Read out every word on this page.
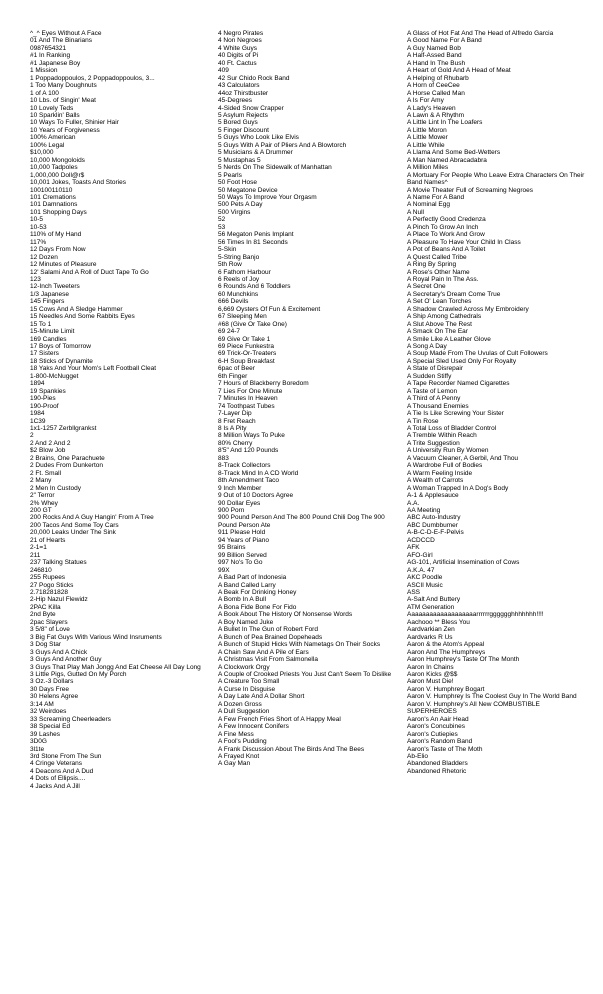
^_^ Eyes Without A Face
01 And The Binarians
0987654321
#1 In Ranking
#1 Japanese Boy
1 Mission
1 Poppadoppoulos, 2 Poppadoppoulos, 3...
1 Too Many Doughnuts
1 of A 100
10 Lbs. of Singin' Meat
10 Lovely Teds
10 Sparklin' Balls
10 Ways To Fuller, Shinier Hair
10 Years of Forgiveness
100% American
100% Legal
$10,000
10,000 Mongoloids
10,000 Tadpoles
1,000,000 Doll@r$
10,001 Jokes, Toasts And Stories
100100110110
101 Cremations
101 Damnations
101 Shopping Days
10-5
10-53
110% of My Hand
117%
12 Days From Now
12 Dozen
12 Minutes of Pleasure
12' Salami And A Roll of Duct Tape To Go
123
12-Inch Tweeters
1/3 Japanese
145 Fingers
15 Cows And A Sledge Hammer
15 Needles And Some Rabbits Eyes
15 To 1
15-Minute Limit
169 Candles
17 Boys of Tomorrow
17 Sisters
18 Sticks of Dynamite
18 Yaks And Your Mom's Left Football Cleat
1-800-McNugget
1894
19 Spankies
190-Pies
190-Proof
1984
1C39
1x1-1257 Zerbllgrankst
2
2 And 2 And 2
$2 Blow Job
2 Brains, One Parachuete
2 Dudes From Dunkerton
2 Ft. Small
2 Many
2 Men In Custody
2" Terror
2% Whey
200 GT
200 Rocks And A Guy Hangin' From A Tree
200 Tacos And Some Toy Cars
20,000 Leaks Under The Sink
21 of Hearts
2-1=1
211
237 Talking Statues
246810
255 Rupees
27 Pogo Sticks
2.718281828
2-Hip Nazul Flewidz
2PAC Killa
2nd Byte
2pac Slayers
3 5/8" of Love
3 Big Fat Guys With Various Wind Insruments
3 Dog Star
3 Guys And A Chick
3 Guys And Another Guy
3 Guys That Play Mah Jongg And Eat Cheese All Day Long
3 Little Pigs, Gutted On My Porch
3 Oz.-3 Dollars
30 Days Free
30 Helens Agree
3:14 AM
32 Weirdoes
33 Screaming Cheerleaders
38 Special Ed
39 Lashes
3D0G
3l1te
3rd Stone From The Sun
4 Cringe Veterans
4 Deacons And A Dud
4 Dots of Ellipsis....
4 Jacks And A Jill
4 Negro Pirates
4 Non Negroes
4 White Guys
40 Digits of Pi
40 Ft. Cactus
409
42 Sur Chido Rock Band
43 Calculators
44oz Thirstbuster
45-Degrees
4-Sided Snow Crapper
5 Asylum Rejects
5 Bored Guys
5 Finger Discount
5 Guys Who Look Like Elvis
5 Guys With A Pair of Pliers And A Blowtorch
5 Musicians & A Drummer
5 Mustaphas 5
5 Nerds On The Sidewalk of Manhattan
5 Pearls
50 Foot Hose
50 Megatone Device
50 Ways To Improve Your Orgasm
500 Pets A Day
500 Virgins
52
53
56 Megaton Penis Implant
56 Times In 81 Seconds
5-Skin
5-String Banjo
5th Row
6 Fathom Harbour
6 Reels of Joy
6 Rounds And 6 Toddlers
60 Munchkins
666 Devils
6,669 Oysters Of Fun & Excitement
67 Sleeping Men
#68 (Give Or Take One)
69 24-7
69 Give Or Take 1
69 Piece Funkestra
69 Trick-Or-Treaters
6-H Soup Breakfast
6pac of Beer
6th Finger
7 Hours of Blackberry Boredom
7 Lies For One Minute
7 Minutes In Heaven
74 Toothpast Tubes
7-Layer Dip
8 Fret Reach
8 Is A Pity
8 Million Ways To Puke
80% Cherry
8'5" And 120 Pounds
883
8-Track Collectors
8-Track Mind In A CD World
8th Amendment Taco
9 Inch Member
9 Out of 10 Doctors Agree
90 Dollar Eyes
900 Porn
900 Pound Person And The 800 Pound Chili Dog The 900 Pound Person Ate
911 Please Hold
94 Years of Piano
95 Brains
99 Billion Served
997 No's To Go
99X
A Bad Part of Indonesia
A Band Called Larry
A Beak For Drinking Honey
A Bomb In A Bull
A Bona Fide Bone For Fido
A Book About The History Of Nonsense Words
A Boy Named Juke
A Bullet In The Gun of Robert Ford
A Bunch of Pea Brained Dopeheads
A Bunch of Stupid Hicks With Nametags On Their Socks
A Chain Saw And A Pile of Ears
A Christmas Visit From Salmonella
A Clockwork Orgy
A Couple of Crooked Priests You Just Can't Seem To Dislike
A Creature Too Small
A Curse In Disguise
A Day Late And A Dollar Short
A Dozen Gross
A Dull Suggestion
A Few French Fries Short of A Happy Meal
A Few Innocent Conifers
A Fine Mess
A Fool's Pudding
A Frank Discussion About The Birds And The Bees
A Frayed Knot
A Gay Man
A Glass of Hot Fat And The Head of Alfredo Garcia
A Good Name For A Band
A Guy Named Bob
A Half-Assed Band
A Hand In The Bush
A Heart of Gold And A Head of Meat
A Helping of Rhubarb
A Horn of CeeCee
A Horse Called Man
A Is For Amy
A Lady's Heaven
A Lawn & A Rhythm
A Little Lint In The Loafers
A Little Moron
A Little Mower
A Little While
A Llama And Some Bed-Wetters
A Man Named Abracadabra
A Million Miles
A Mortuary For People Who Leave Extra Characters On Their Band Names^
A Movie Theater Full of Screaming Negroes
A Name For A Band
A Nominal Egg
A Null
A Perfectly Good Credenza
A Pinch To Grow An Inch
A Place To Work And Grow
A Pleasure To Have Your Child In Class
A Pot of Beans And A Toilet
A Quest Called Tribe
A Ring By Spring
A Rose's Other Name
A Royal Pain In The Ass.
A Secret One
A Secretary's Dream Come True
A Set O' Lean Torches
A Shadow Crawled Across My Embroidery
A Ship Among Cathedrals
A Slut Above The Rest
A Smack On The Ear
A Smile Like A Leather Glove
A Song A Day
A Soup Made From The Uvulas of Cult Followers
A Special Sled Used Only For Royalty
A State of Disrepair
A Sudden Stiffy
A Tape Recorder Named Cigarettes
A Taste of Lemon
A Third of A Penny
A Thousand Enemies
A Tie Is Like Screwing Your Sister
A Tin Rose
A Total Loss of Bladder Control
A Tremble Within Reach
A Trite Suggestion
A University Run By Women
A Vacuum Cleaner, A Gerbil, And Thou
A Wardrobe Full of Bodies
A Warm Feeling Inside
A Wealth of Carrots
A Woman Trapped In A Dog's Body
A-1 & Applesauce
A.A.
AA Meeting
ABC Auto-Industry
ABC Dumbbumer
A-B-C-D-E-F-Pelvis
ACDCCD
AFK
AFO-Girl
AG-101, Artificial Insemination of Cows
A.K.A. 47
AKC Poodle
ASCII Music
ASS
A-Salt And Buttery
ATM Generation
Aaaaaaaaaaaaaaaaaaarrrrrrgggggghhhhhhh!!!!
Aachooo ** Bless You
Aardvarkian Zen
Aardvarks R Us
Aaron & the Atom's Appeal
Aaron And The Humphreys
Aaron Humphrey's Taste Of The Month
Aaron In Chains
Aaron Kicks @$$
Aaron Must Die!
Aaron V. Humphrey Bogart
Aaron V. Humphrey Is The Coolest Guy In The World Band
Aaron V. Humphrey's All New COMBUSTIBLE SUPERHEROES
Aaron's An Aair Head
Aaron's Concubines
Aaron's Cutiepies
Aaron's Random Band
Aaron's Taste of The Moth
Ab-Elio
Abandoned Bladders
Abandoned Rhetoric
